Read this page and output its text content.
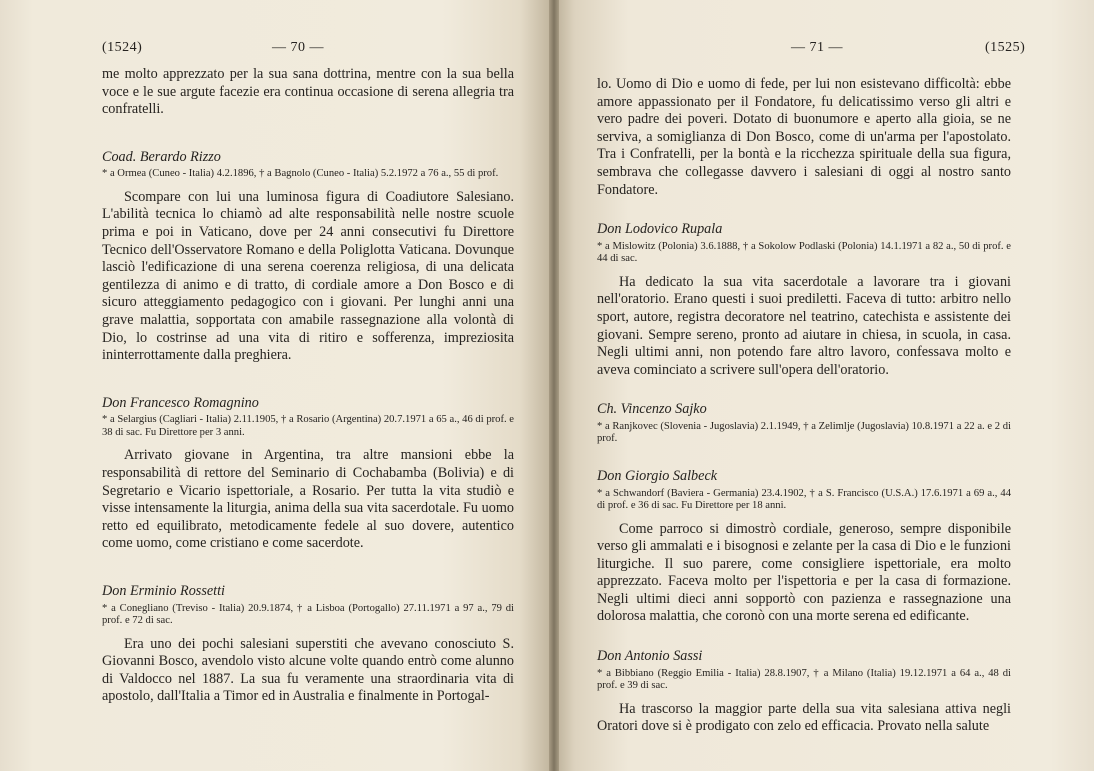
(1524)	— 70 —

me molto apprezzato per la sua sana dottrina, mentre con la sua bella voce e le sue argute facezie era continua occasione di serena allegria tra confratelli.

Coad. Berardo Rizzo

* a Ormea (Cuneo - Italia) 4.2.1896, † a Bagnolo (Cuneo - Italia) 5.2.1972 a 76 a., 55 di prof.

Scompare con lui una luminosa figura di Coadiutore Salesiano. L'abilità tecnica lo chiamò ad alte responsabilità nelle nostre scuole prima e poi in Vaticano, dove per 24 anni consecutivi fu Direttore Tecnico dell'Osservatore Romano e della Poliglotta Vaticana. Dovunque lasciò l'edificazione di una serena coerenza religiosa, di una delicata gentilezza di animo e di tratto, di cordiale amore a Don Bosco e di sicuro atteggiamento pedagogico con i giovani. Per lunghi anni una grave malattia, sopportata con amabile rassegnazione alla volontà di Dio, lo costrinse ad una vita di ritiro e sofferenza, impreziosita ininterrottamente dalla preghiera.

Don Francesco Romagnino

* a Selargius (Cagliari - Italia) 2.11.1905, † a Rosario (Argentina) 20.7.1971 a 65 a., 46 di prof. e 38 di sac. Fu Direttore per 3 anni.

Arrivato giovane in Argentina, tra altre mansioni ebbe la responsabilità di rettore del Seminario di Cochabamba (Bolivia) e di Segretario e Vicario ispettoriale, a Rosario. Per tutta la vita studiò e visse intensamente la liturgia, anima della sua vita sacerdotale. Fu uomo retto ed equilibrato, metodicamente fedele al suo dovere, autentico come uomo, come cristiano e come sacerdote.

Don Erminio Rossetti

* a Conegliano (Treviso - Italia) 20.9.1874, † a Lisboa (Portogallo) 27.11.1971 a 97 a., 79 di prof. e 72 di sac.

Era uno dei pochi salesiani superstiti che avevano conosciuto S. Giovanni Bosco, avendolo visto alcune volte quando entrò come alunno di Valdocco nel 1887. La sua fu veramente una straordinaria vita di apostolo, dall'Italia a Timor ed in Australia e finalmente in Portogal-

— 71 —	(1525)

lo. Uomo di Dio e uomo di fede, per lui non esistevano difficoltà: ebbe amore appassionato per il Fondatore, fu delicatissimo verso gli altri e vero padre dei poveri. Dotato di buonumore e aperto alla gioia, se ne serviva, a somiglianza di Don Bosco, come di un'arma per l'apostolato. Tra i Confratelli, per la bontà e la ricchezza spirituale della sua figura, sembrava che collegasse davvero i salesiani di oggi al nostro santo Fondatore.

Don Lodovico Rupala

* a Mislowitz (Polonia) 3.6.1888, † a Sokolow Podlaski (Polonia) 14.1.1971 a 82 a., 50 di prof. e 44 di sac.

Ha dedicato la sua vita sacerdotale a lavorare tra i giovani nell'oratorio. Erano questi i suoi prediletti. Faceva di tutto: arbitro nello sport, autore, registra decoratore nel teatrino, catechista e assistente dei giovani. Sempre sereno, pronto ad aiutare in chiesa, in scuola, in casa. Negli ultimi anni, non potendo fare altro lavoro, confessava molto e aveva cominciato a scrivere sull'opera dell'oratorio.

Ch. Vincenzo Sajko

* a Ranjkovec (Slovenia - Jugoslavia) 2.1.1949, † a Zelimlje (Jugoslavia) 10.8.1971 a 22 a. e 2 di prof.

Don Giorgio Salbeck

* a Schwandorf (Baviera - Germania) 23.4.1902, † a S. Francisco (U.S.A.) 17.6.1971 a 69 a., 44 di prof. e 36 di sac. Fu Direttore per 18 anni.

Come parroco si dimostrò cordiale, generoso, sempre disponibile verso gli ammalati e i bisognosi e zelante per la casa di Dio e le funzioni liturgiche. Il suo parere, come consigliere ispettoriale, era molto apprezzato. Faceva molto per l'ispettoria e per la casa di formazione. Negli ultimi dieci anni sopportò con pazienza e rassegnazione una dolorosa malattia, che coronò con una morte serena ed edificante.

Don Antonio Sassi

* a Bibbiano (Reggio Emilia - Italia) 28.8.1907, † a Milano (Italia) 19.12.1971 a 64 a., 48 di prof. e 39 di sac.

Ha trascorso la maggior parte della sua vita salesiana attiva negli Oratori dove si è prodigato con zelo ed efficacia. Provato nella salute
